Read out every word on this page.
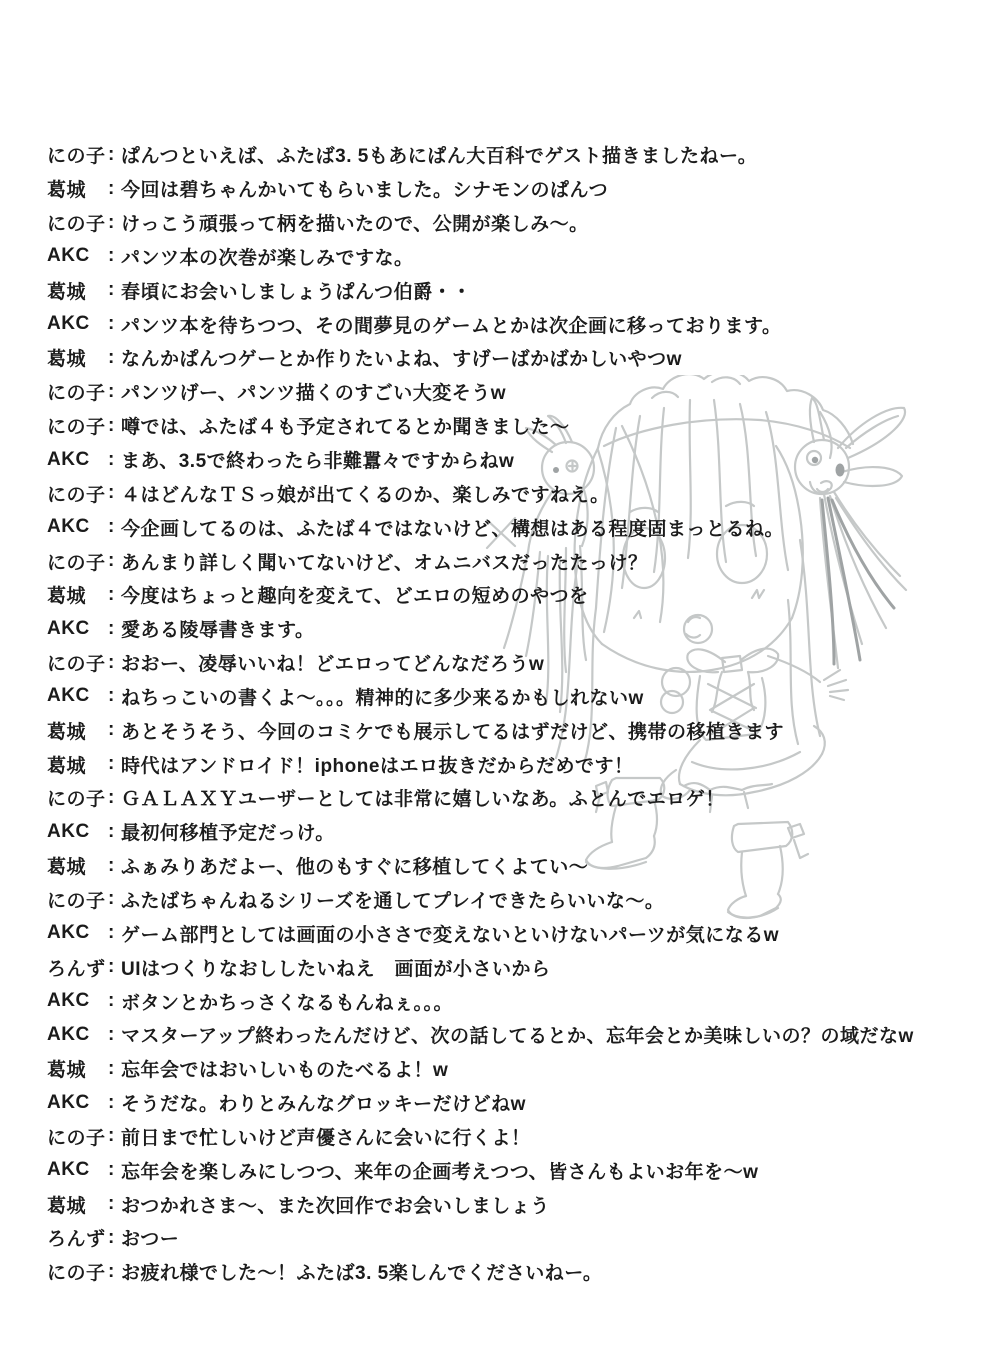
にの子 : ぱんつといえば、ふたば3. 5もあにぱん大百科でゲスト描きましたねー。
葛城	: 今回は碧ちゃんかいてもらいました。シナモンのぱんつ
にの子 : けっこう頑張って柄を描いたので、公開が楽しみ～。
AKC : パンツ本の次巻が楽しみですな。
葛城	: 春頃にお会いしましょうぱんつ伯爵・・
AKC : パンツ本を待ちつつ、その間夢見のゲームとかは次企画に移っております。
葛城	: なんかぱんつゲーとか作りたいよね、すげーばかばかしいやつw
にの子 : パンツげー、パンツ描くのすごい大変そうw
にの子 : 噂では、ふたば４も予定されてるとか聞きました～
AKC : まあ、3.5で終わったら非難囂々ですからねw
にの子 : ４はどんなＴＳっ娘が出てくるのか、楽しみですねえ。
AKC : 今企画してるのは、ふたば４ではないけど、構想はある程度固まっとるね。
にの子 : あんまり詳しく聞いてないけど、オムニバスだったたっけ？
葛城	: 今度はちょっと趣向を変えて、どエロの短めのやつを
AKC : 愛ある陵辱書きます。
にの子 : おおー、凌辱いいね！どエロってどんなだろうw
AKC : ねちっこいの書くよ～。。。精神的に多少来るかもしれないw
葛城	: あとそうそう、今回のコミケでも展示してるはずだけど、携帯の移植きます
葛城	: 時代はアンドロイド！iphoneはエロ抜きだからだめです！
にの子 : ＧＡＬＡＸＹユーザーとしては非常に嬉しいなあ。ふとんでエロゲ！
AKC : 最初何移植予定だっけ。
葛城	: ふぁみりあだよー、他のもすぐに移植してくよてい～
にの子 : ふたばちゃんねるシリーズを通してプレイできたらいいな～。
AKC : ゲーム部門としては画面の小ささで変えないといけないパーツが気になるw
ろんず : UIはつくりなおししたいねえ　画面が小さいから
AKC : ボタンとかちっさくなるもんねぇ。。。
AKC : マスターアップ終わったんだけど、次の話してるとか、忘年会とか美味しいの？の域だなw
葛城	: 忘年会ではおいしいものたべるよ！w
AKC : そうだな。わりとみんなグロッキーだけどねw
にの子 : 前日まで忙しいけど声優さんに会いに行くよ！
AKC : 忘年会を楽しみにしつつ、来年の企画考えつつ、皆さんもよいお年を～w
葛城	: おつかれさま～、また次回作でお会いしましょう
ろんず : おつー
にの子 : お疲れ様でした～！ふたば3. 5楽しんでくださいねー。
